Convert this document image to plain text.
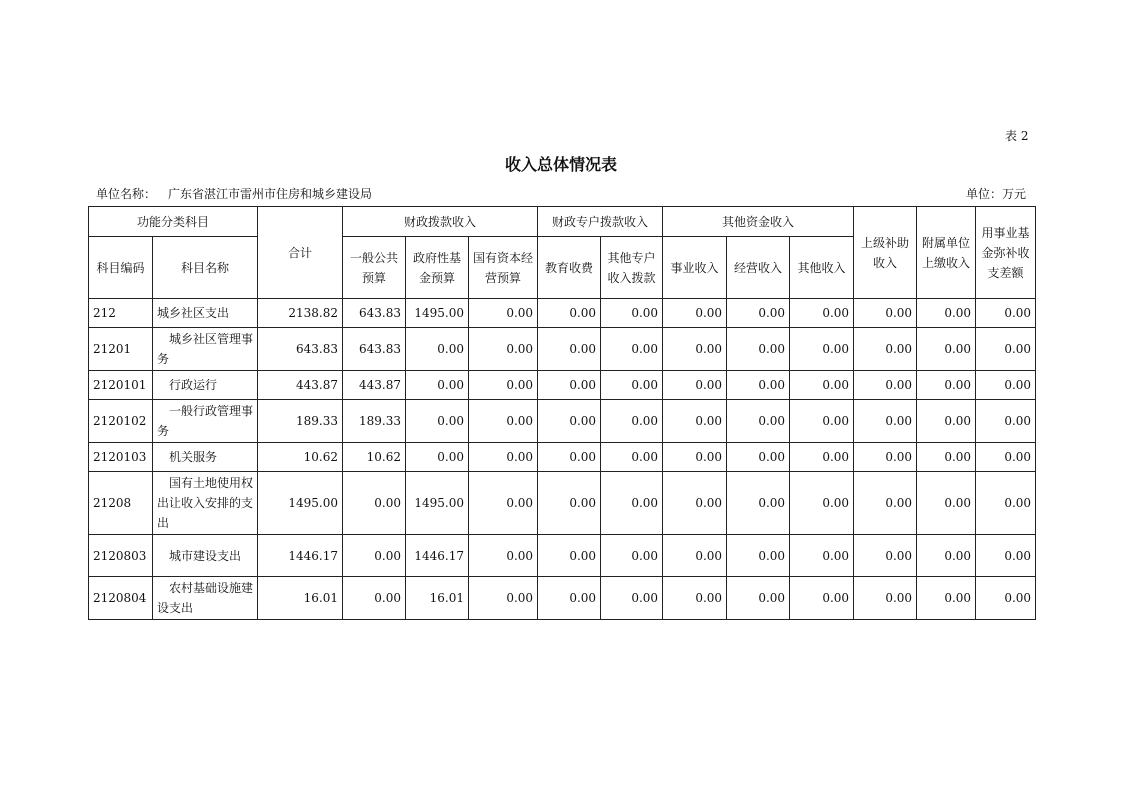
表 2
收入总体情况表
单位名称： 广东省湛江市雷州市住房和城乡建设局	单位：万元
功能分类科目		合计	财政拨款收入			财政专户拨款收入		其他资金收入			上级补助收入	附属单位上缴收入	用事业基金弥补收支差额
科目编码	科目名称		一般公共预算	政府性基金预算	国有资本经营预算	教育收费	其他专户收入拨款	事业收入	经营收入	其他收入			
212	城乡社区支出	2138.82	643.83	1495.00	0.00	0.00	0.00	0.00	0.00	0.00	0.00	0.00	0.00
21201	城乡社区管理事务	643.83	643.83	0.00	0.00	0.00	0.00	0.00	0.00	0.00	0.00	0.00	0.00
2120101	行政运行	443.87	443.87	0.00	0.00	0.00	0.00	0.00	0.00	0.00	0.00	0.00	0.00
2120102	一般行政管理事务	189.33	189.33	0.00	0.00	0.00	0.00	0.00	0.00	0.00	0.00	0.00	0.00
2120103	机关服务	10.62	10.62	0.00	0.00	0.00	0.00	0.00	0.00	0.00	0.00	0.00	0.00
21208	国有土地使用权出让收入安排的支出	1495.00	0.00	1495.00	0.00	0.00	0.00	0.00	0.00	0.00	0.00	0.00	0.00
2120803	城市建设支出	1446.17	0.00	1446.17	0.00	0.00	0.00	0.00	0.00	0.00	0.00	0.00	0.00
2120804	农村基础设施建设支出	16.01	0.00	16.01	0.00	0.00	0.00	0.00	0.00	0.00	0.00	0.00	0.00
